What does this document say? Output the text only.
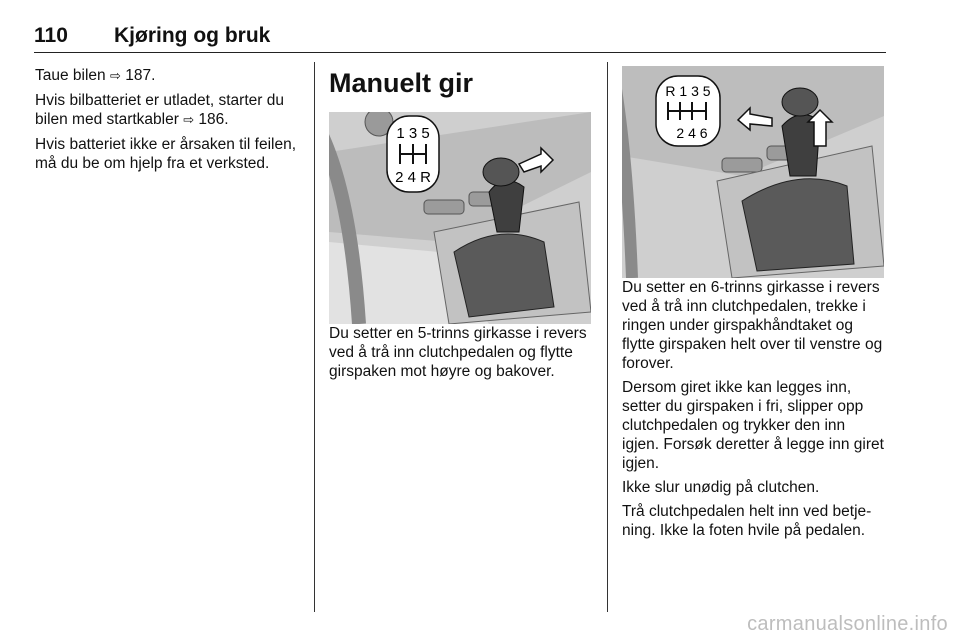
110 Kjøring og bruk

Taue bilen ⇨ 187.

Hvis bilbatteriet er utladet, starter du bilen med startkabler ⇨ 186.

Hvis batteriet ikke er årsaken til feilen, må du be om hjelp fra et verksted.

Manuelt gir
1 3 5
2 4 R

Du setter en 5-trinns girkasse i revers ved å trå inn clutchpedalen og flytte girspaken mot høyre og bakover.

R 1 3 5
2 4 6

Du setter en 6-trinns girkasse i revers ved å trå inn clutchpedalen, trekke i ringen under girspakhåndtaket og flytte girspaken helt over til venstre og forover.

Dersom giret ikke kan legges inn, setter du girspaken i fri, slipper opp clutchpedalen og trykker den inn igjen. Forsøk deretter å legge inn giret igjen.

Ikke slur unødig på clutchen.

Trå clutchpedalen helt inn ved betje-ning. Ikke la foten hvile på pedalen.

carmanualsonline.info
